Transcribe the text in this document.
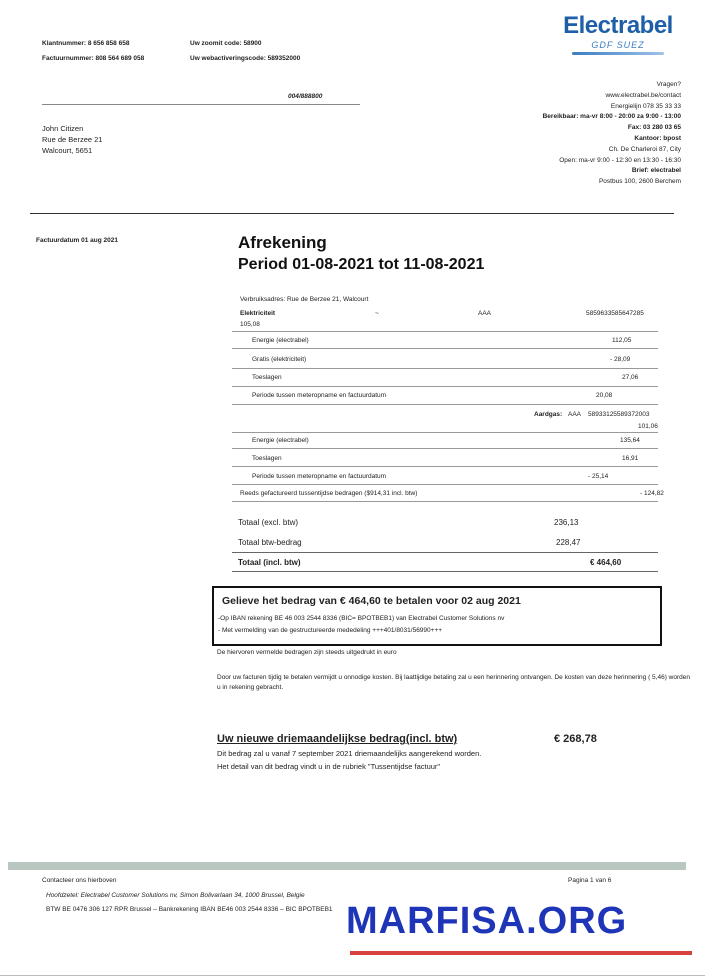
Klantnummer: 8 656 858 658
Factuurnummer: 808 564 689 058
Uw zoomit code: 58900
Uw webactiveringscode: 589352000
Electrabel
GDF SUEZ
004/888800
Vragen?
www.electrabel.be/contact
Energielijn 078 35 33 33
Bereikbaar: ma-vr 8:00 - 20:00 za 9:00 - 13:00
Fax: 03 280 03 65
Kantoor: bpost
Ch. De Charleroi 87, City
Open: ma-vr 9:00 - 12:30 en 13:30 - 16:30
Brief: electrabel
Postbus 100, 2600 Berchem
John Citizen
Rue de Berzee 21
Walcourt, 5651
Factuurdatum 01 aug 2021	Afrekening
Period 01-08-2021 tot 11-08-2021
Verbruiksadres: Rue de Berzee 21, Walcourt
Elektriciteit	~	AAA	5859633585647285
105,08
Energie (electrabel)	112,05
Gratis (elektriciteit)	- 28,09
Toeslagen	27,06
Periode tussen meteropname en factuurdatum	20,08
Aardgas: AAA 58933125589372003
101,06
Energie (electrabel)	135,64
Toeslagen	16,91
Periode tussen meteropname en factuurdatum	- 25,14
Reeds gefactureerd tussentijdse bedragen ($914,31 incl. btw)	- 124,82
Totaal (excl. btw)	236,13
Totaal btw-bedrag	228,47
Totaal (incl. btw)	€ 464,60
Gelieve het bedrag van € 464,60 te betalen voor 02 aug 2021
-Op IBAN rekening BE 46 003 2544 8336 (BIC= BPOTBEB1) van Electrabel Customer Solutions nv
- Met vermelding van de gestructureerde mededeling +++401/8031/56990+++
De hiervoren vermelde bedragen zijn steeds uitgedrukt in euro
Door uw facturen tijdig te betalen vermijdt u onnodige kosten. Bij laattijdige betaling zal u een herinnering ontvangen. De kosten van deze herinnering ( 5,46) worden u in rekening gebracht.
Uw nieuwe driemaandelijkse bedrag(incl. btw)	€ 268,78
Dit bedrag zal u vanaf 7 september 2021 driemaandelijks aangerekend worden.
Het detail van dit bedrag vindt u in de rubriek "Tussentijdse factuur"
Contacteer ons hierboven	Pagina 1 van 6
Hoofdzetel: Electrabel Customer Solutions nv, Simon Bolivarlaan 34, 1000 Brussel, Belgie
BTW BE 0476 306 127 RPR Brussel – Bankrekening IBAN BE46 003 2544 8336 – BIC BPOTBEB1 MARFISA.ORG
